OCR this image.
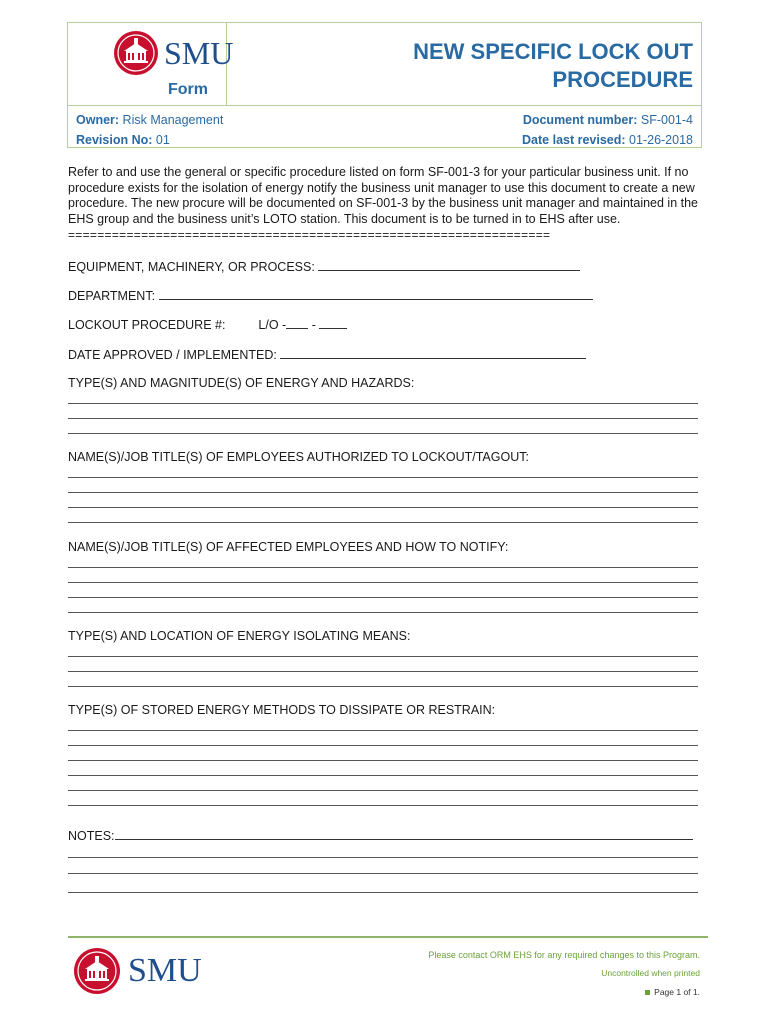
SMU
Form
NEW SPECIFIC LOCK OUT
PROCEDURE
Owner: Risk Management
Revision No: 01
Document number: SF-001-4
Date last revised: 01-26-2018
Refer to and use the general or specific procedure listed on form SF-001-3 for your particular business unit. If no procedure exists for the isolation of energy notify the business unit manager to use this document to create a new procedure. The new procure will be documented on SF-001-3 by the business unit manager and maintained in the EHS group and the business unit’s LOTO station. This document is to be turned in to EHS after use.
==================================================================
EQUIPMENT, MACHINERY, OR PROCESS:
DEPARTMENT:
LOCKOUT PROCEDURE #:	L/O - -
DATE APPROVED / IMPLEMENTED:
TYPE(S) AND MAGNITUDE(S) OF ENERGY AND HAZARDS:
NAME(S)/JOB TITLE(S) OF EMPLOYEES AUTHORIZED TO LOCKOUT/TAGOUT:
NAME(S)/JOB TITLE(S) OF AFFECTED EMPLOYEES AND HOW TO NOTIFY:
TYPE(S) AND LOCATION OF ENERGY ISOLATING MEANS:
TYPE(S) OF STORED ENERGY METHODS TO DISSIPATE OR RESTRAIN:
NOTES:
SMU	Please contact ORM EHS for any required changes to this Program.
Uncontrolled when printed
Page 1 of 1.
